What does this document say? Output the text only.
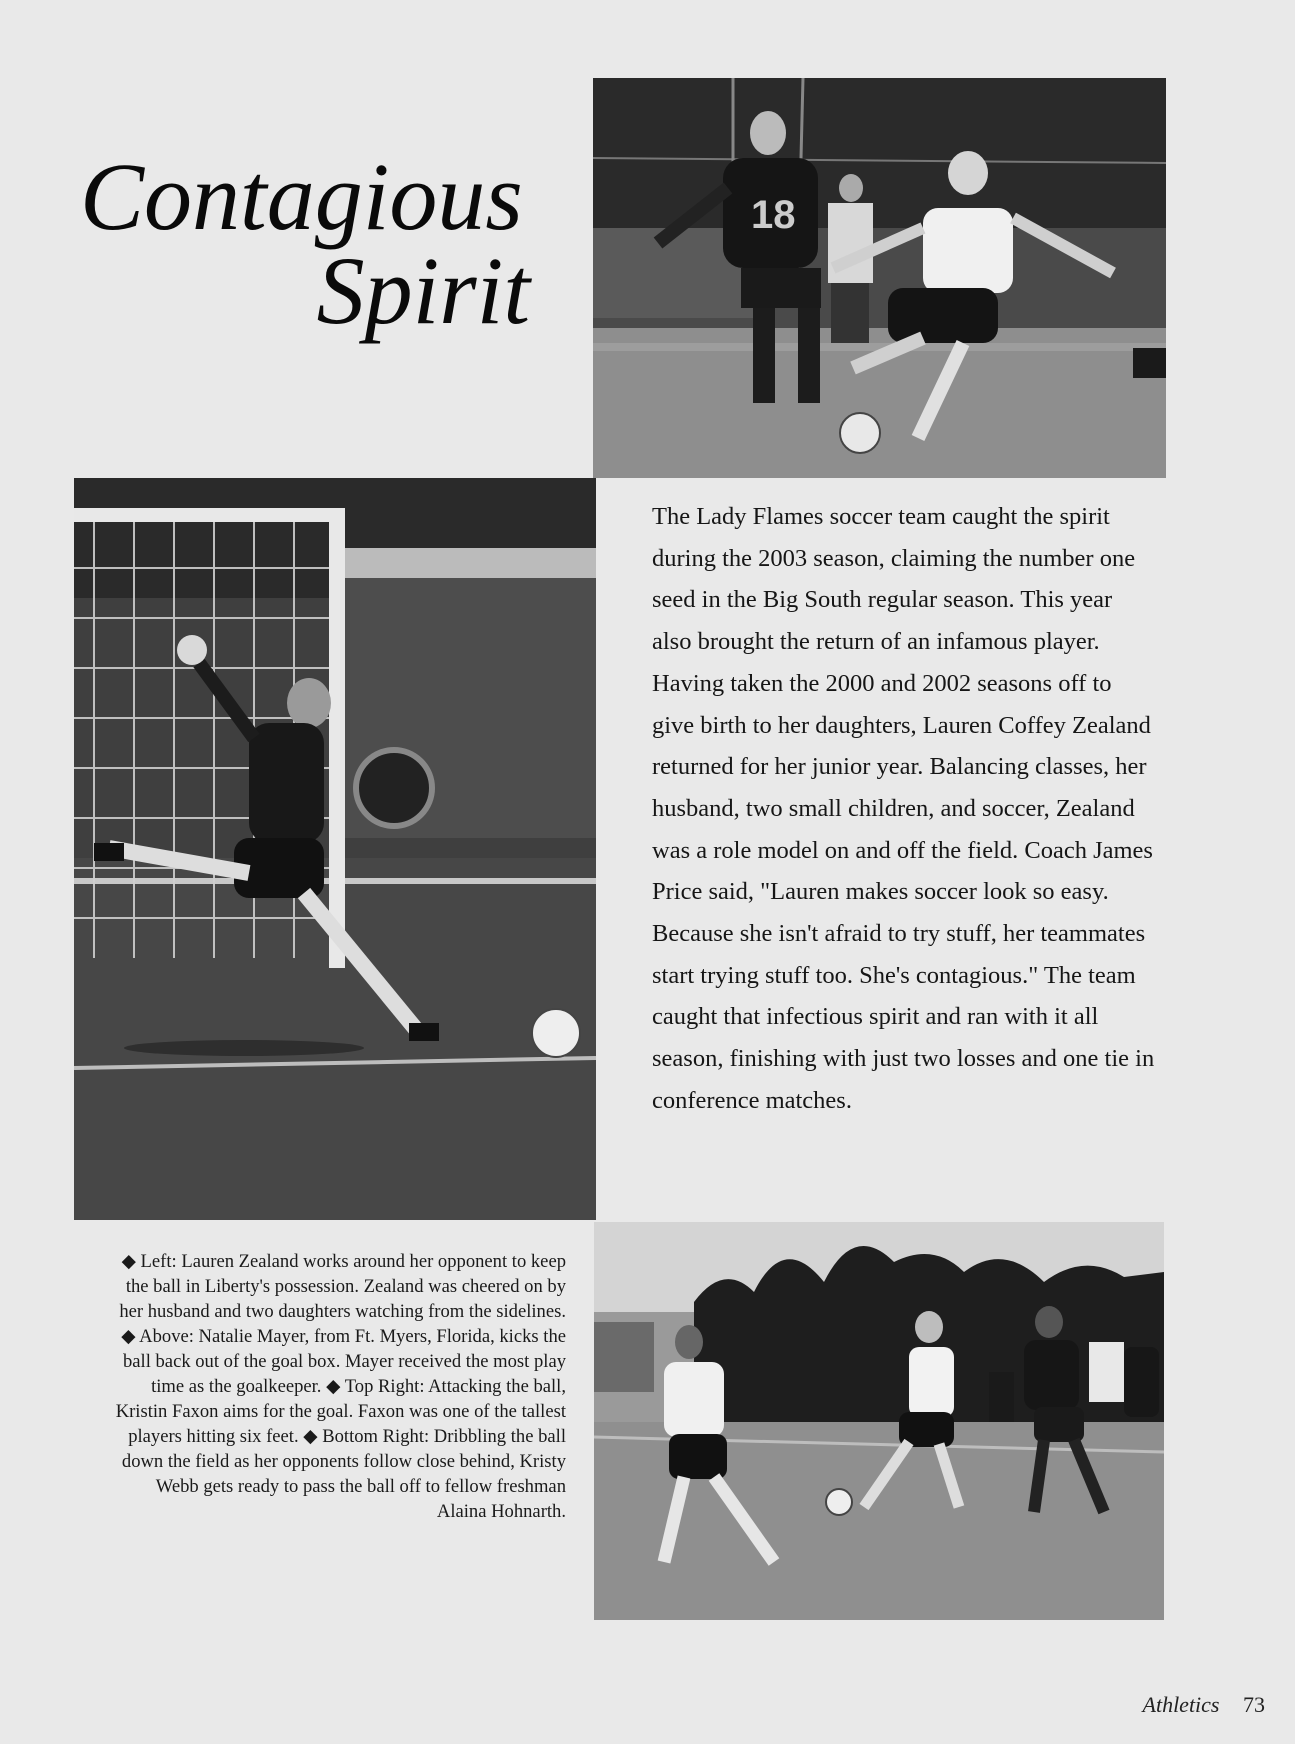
Contagious
Spirit
18
The Lady Flames soccer team caught the spirit during the 2003 season, claiming the number one seed in the Big South regular season. This year also brought the return of an infamous player. Having taken the 2000 and 2002 seasons off to give birth to her daughters, Lauren Coffey Zealand returned for her junior year. Balancing classes, her husband, two small children, and soccer, Zealand was a role model on and off the field. Coach James Price said, "Lauren makes soccer look so easy. Because she isn't afraid to try stuff, her teammates start trying stuff too. She's contagious." The team caught that infectious spirit and ran with it all season, finishing with just two losses and one tie in conference matches.
◆ Left: Lauren Zealand works around her opponent to keep the ball in Liberty's possession. Zealand was cheered on by her husband and two daughters watching from the sidelines. ◆ Above: Natalie Mayer, from Ft. Myers, Florida, kicks the ball back out of the goal box. Mayer received the most play time as the goalkeeper. ◆ Top Right: Attacking the ball, Kristin Faxon aims for the goal. Faxon was one of the tallest players hitting six feet. ◆ Bottom Right: Dribbling the ball down the field as her opponents follow close behind, Kristy Webb gets ready to pass the ball off to fellow freshman Alaina Hohnarth.
Athletics 73
